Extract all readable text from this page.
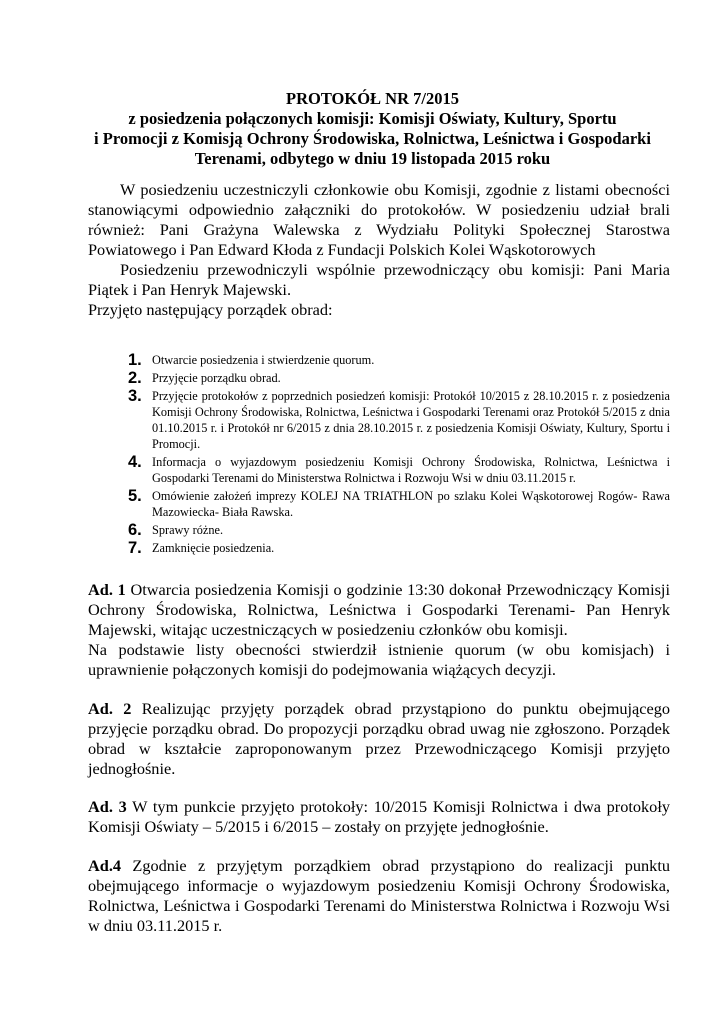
PROTOKÓŁ NR 7/2015
z posiedzenia połączonych komisji: Komisji Oświaty, Kultury, Sportu
i Promocji z Komisją Ochrony Środowiska, Rolnictwa, Leśnictwa i Gospodarki
Terenami, odbytego w dniu 19 listopada 2015 roku

W posiedzeniu uczestniczyli członkowie obu Komisji, zgodnie z listami obecności stanowiącymi odpowiednio załączniki do protokołów. W posiedzeniu udział brali również: Pani Grażyna Walewska z Wydziału Polityki Społecznej Starostwa Powiatowego i Pan Edward Kłoda z Fundacji Polskich Kolei Wąskotorowych

Posiedzeniu przewodniczyli wspólnie przewodniczący obu komisji: Pani Maria Piątek i Pan Henryk Majewski.

Przyjęto następujący porządek obrad:

1. Otwarcie posiedzenia i stwierdzenie quorum.
2. Przyjęcie porządku obrad.
3. Przyjęcie protokołów z poprzednich posiedzeń komisji: Protokół 10/2015 z 28.10.2015 r. z posiedzenia Komisji Ochrony Środowiska, Rolnictwa, Leśnictwa i Gospodarki Terenami oraz Protokół 5/2015 z dnia 01.10.2015 r. i Protokół nr 6/2015 z dnia 28.10.2015 r. z posiedzenia Komisji Oświaty, Kultury, Sportu i Promocji.
4. Informacja o wyjazdowym posiedzeniu Komisji Ochrony Środowiska, Rolnictwa, Leśnictwa i Gospodarki Terenami do Ministerstwa Rolnictwa i Rozwoju Wsi w dniu 03.11.2015 r.
5. Omówienie założeń imprezy KOLEJ NA TRIATHLON po szlaku Kolei Wąskotorowej Rogów- Rawa Mazowiecka- Biała Rawska.
6. Sprawy różne.
7. Zamknięcie posiedzenia.
Ad. 1 Otwarcia posiedzenia Komisji o godzinie 13:30 dokonał Przewodniczący Komisji Ochrony Środowiska, Rolnictwa, Leśnictwa i Gospodarki Terenami- Pan Henryk Majewski, witając uczestniczących w posiedzeniu członków obu komisji.
Na podstawie listy obecności stwierdził istnienie quorum (w obu komisjach) i uprawnienie połączonych komisji do podejmowania wiążących decyzji.
Ad. 2 Realizując przyjęty porządek obrad przystąpiono do punktu obejmującego przyjęcie porządku obrad. Do propozycji porządku obrad uwag nie zgłoszono. Porządek obrad w kształcie zaproponowanym przez Przewodniczącego Komisji przyjęto jednogłośnie.
Ad. 3 W tym punkcie przyjęto protokoły: 10/2015 Komisji Rolnictwa i dwa protokoły Komisji Oświaty – 5/2015 i 6/2015 – zostały on przyjęte jednogłośnie.
Ad.4 Zgodnie z przyjętym porządkiem obrad przystąpiono do realizacji punktu obejmującego informacje o wyjazdowym posiedzeniu Komisji Ochrony Środowiska, Rolnictwa, Leśnictwa i Gospodarki Terenami do Ministerstwa Rolnictwa i Rozwoju Wsi w dniu 03.11.2015 r.
